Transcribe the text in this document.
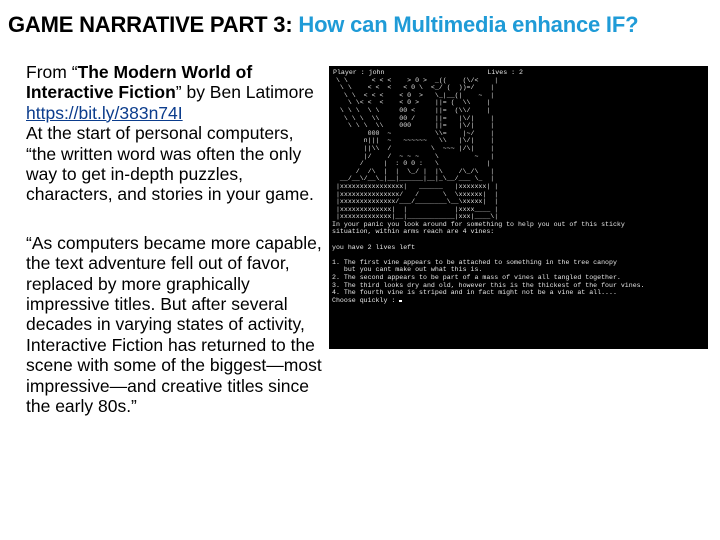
GAME NARRATIVE PART 3: How can Multimedia enhance IF?

From “The Modern World of Interactive Fiction” by Ben Latimore

https://bit.ly/383n74I

At the start of personal computers, “the written word was often the only way to get in-depth puzzles, characters, and stories in your game.

“As computers became more capable, the text adventure fell out of favor, replaced by more graphically impressive titles. But after several decades in varying states of activity, Interactive Fiction has returned to the scene with some of the biggest—most impressive—and creative titles since the early 80s.”

Player : john	Lives : 2
\ \      < < <    > 0 >  _((    (\/<    |
\ \    < <  <   < 0 \  <_/ (  ))=/    |
\ \  < < <    < 0  >   \_|__(|    ~  |
\ \< <  <    < 0 >    ||= (  \\    |
\ \ \  \ \     00 <     ||=  (\\/    |
\ \ \  \\     00 /     ||=   |\/|    |
\ \ \  \\    000      ||=   |\/|    |
000  ~           \\=    |~/    |
n|||  ~   ~~~~~~   \\   |\/|    |
||\\  /          \  ~~~ |/\|    |
|/    /  ~ ~ ~    \         ~   |
/     |  : 0 0 :   \            |
/  /\  |  |  \_/ |  |\    /\_/\   |
__/__\/__\_|__|______|__|_\__/___ \_  |
|xxxxxxxxxxxxxxxx|   ______   |xxxxxxx| |
|xxxxxxxxxxxxxxx/   /      \  \xxxxxx|  |
|xxxxxxxxxxxxxx/___/________\__\xxxxx|  |
|xxxxxxxxxxxxx|  |            |xxxx____ |
|xxxxxxxxxxxxx|__|____________|xxx|____\|
In your panic you look around for something to help you out of this sticky
situation, within arms reach are 4 vines:

you have 2 lives left

1. The first vine appears to be attached to something in the tree canopy
but you cant make out what this is.
2. The second appears to be part of a mass of vines all tangled together.
3. The third looks dry and old, however this is the thickest of the four vines.
4. The fourth vine is striped and in fact might not be a vine at all....
Choose quickly :
